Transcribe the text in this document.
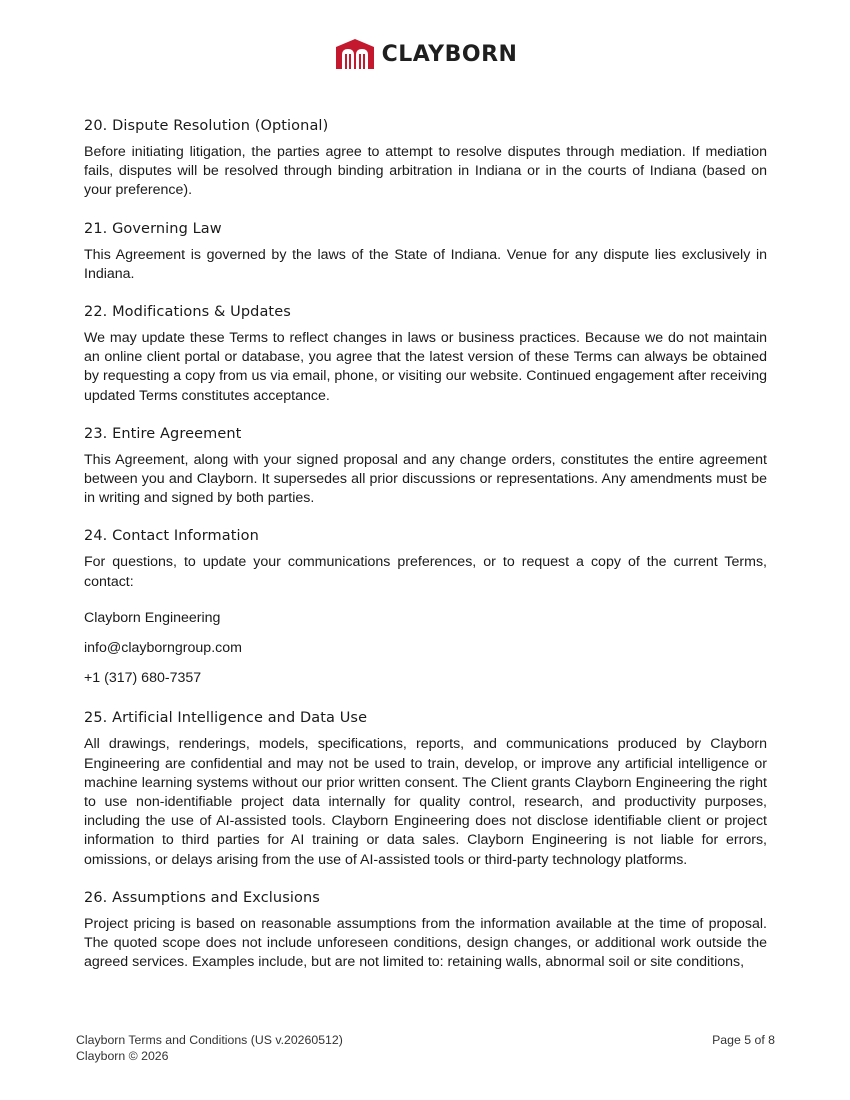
CLAYBORN
20. Dispute Resolution (Optional)

Before initiating litigation, the parties agree to attempt to resolve disputes through mediation. If mediation fails, disputes will be resolved through binding arbitration in Indiana or in the courts of Indiana (based on your preference).

21. Governing Law

This Agreement is governed by the laws of the State of Indiana. Venue for any dispute lies exclusively in Indiana.

22. Modifications & Updates

We may update these Terms to reflect changes in laws or business practices. Because we do not maintain an online client portal or database, you agree that the latest version of these Terms can always be obtained by requesting a copy from us via email, phone, or visiting our website. Continued engagement after receiving updated Terms constitutes acceptance.

23. Entire Agreement

This Agreement, along with your signed proposal and any change orders, constitutes the entire agreement between you and Clayborn. It supersedes all prior discussions or representations. Any amendments must be in writing and signed by both parties.

24. Contact Information

For questions, to update your communications preferences, or to request a copy of the current Terms, contact:

Clayborn Engineering

info@clayborngroup.com

+1 (317) 680-7357

25. Artificial Intelligence and Data Use

All drawings, renderings, models, specifications, reports, and communications produced by Clayborn Engineering are confidential and may not be used to train, develop, or improve any artificial intelligence or machine learning systems without our prior written consent. The Client grants Clayborn Engineering the right to use non-identifiable project data internally for quality control, research, and productivity purposes, including the use of AI-assisted tools. Clayborn Engineering does not disclose identifiable client or project information to third parties for AI training or data sales. Clayborn Engineering is not liable for errors, omissions, or delays arising from the use of AI-assisted tools or third-party technology platforms.

26. Assumptions and Exclusions

Project pricing is based on reasonable assumptions from the information available at the time of proposal. The quoted scope does not include unforeseen conditions, design changes, or additional work outside the agreed services. Examples include, but are not limited to: retaining walls, abnormal soil or site conditions,

Clayborn Terms and Conditions (US v.20260512)
Clayborn © 2026
Page 5 of 8
